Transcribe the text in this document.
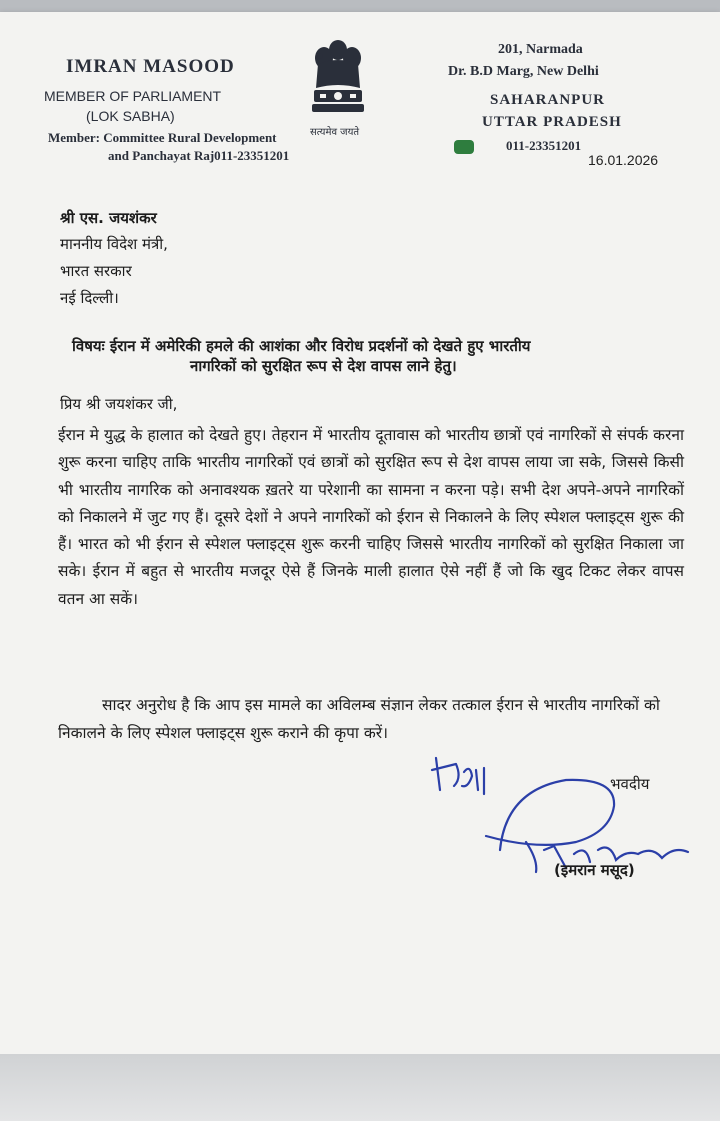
IMRAN MASOOD
MEMBER OF PARLIAMENT
(LOK SABHA)
Member: Committee Rural Development
and Panchayat Raj011-23351201
सत्यमेव जयते
201, Narmada
Dr. B.D Marg, New Delhi
SAHARANPUR
UTTAR PRADESH
011-23351201
16.01.2026
श्री एस. जयशंकर
माननीय विदेश मंत्री,
भारत सरकार
नई दिल्ली।
विषयः ईरान में अमेरिकी हमले की आशंका और विरोध प्रदर्शनों को देखते हुए भारतीय
नागरिकों को सुरक्षित रूप से देश वापस लाने हेतु।
प्रिय श्री जयशंकर जी,
ईरान मे युद्ध के हालात को देखते हुए। तेहरान में भारतीय दूतावास को भारतीय छात्रों एवं नागरिकों से संपर्क करना शुरू करना चाहिए ताकि भारतीय नागरिकों एवं छात्रों को सुरक्षित रूप से देश वापस लाया जा सके, जिससे किसी भी भारतीय नागरिक को अनावश्यक ख़तरे या परेशानी का सामना न करना पड़े। सभी देश अपने-अपने नागरिकों को निकालने में जुट गए हैं। दूसरे देशों ने अपने नागरिकों को ईरान से निकालने के लिए स्पेशल फ्लाइट्स शुरू की हैं। भारत को भी ईरान से स्पेशल फ्लाइट्स शुरू करनी चाहिए जिससे भारतीय नागरिकों को सुरक्षित निकाला जा सके। ईरान में बहुत से भारतीय मजदूर ऐसे हैं जिनके माली हालात ऐसे नहीं हैं जो कि खुद टिकट लेकर वापस वतन आ सकें।
सादर अनुरोध है कि आप इस मामले का अविलम्ब संज्ञान लेकर तत्काल ईरान से भारतीय नागरिकों को निकालने के लिए स्पेशल फ्लाइट्स शुरू कराने की कृपा करें।
भवदीय
(इमरान मसूद)
